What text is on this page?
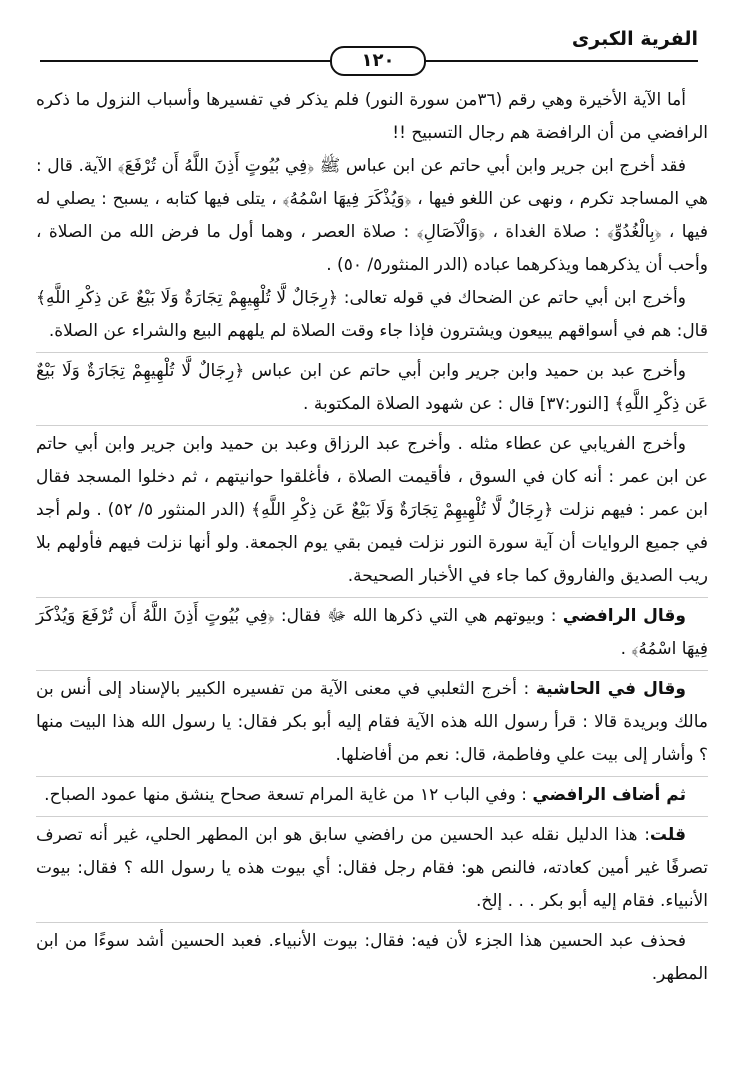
الفرية الكبرى
١٢٠

أما الآية الأخيرة وهي رقم (٣٦من سورة النور) فلم يذكر في تفسيرها وأسباب النزول ما ذكره الرافضي من أن الرافضة هم رجال التسبيح !!

فقد أخرج ابن جرير وابن أبي حاتم عن ابن عباس ﷺ ﴿فِي بُيُوتٍ أَذِنَ اللَّهُ أَن تُرْفَعَ﴾ الآية. قال : هي المساجد تكرم ، ونهى عن اللغو فيها ، ﴿وَيُذْكَرَ فِيهَا اسْمُهُ﴾ ، يتلى فيها كتابه ، يسبح : يصلي له فيها ، ﴿بِالْغُدُوِّ﴾ : صلاة الغداة ، ﴿وَالْآصَالِ﴾ : صلاة العصر ، وهما أول ما فرض الله من الصلاة ، وأحب أن يذكرهما ويذكرهما عباده (الدر المنثور٥/ ٥٠) .

وأخرج ابن أبي حاتم عن الضحاك في قوله تعالى: ﴿رِجَالٌ لَّا تُلْهِيهِمْ تِجَارَةٌ وَلَا بَيْعٌ عَن ذِكْرِ اللَّهِ﴾ قال: هم في أسواقهم يبيعون ويشترون فإذا جاء وقت الصلاة لم يلههم البيع والشراء عن الصلاة.

وأخرج عبد بن حميد وابن جرير وابن أبي حاتم عن ابن عباس ﴿رِجَالٌ لَّا تُلْهِيهِمْ تِجَارَةٌ وَلَا بَيْعٌ عَن ذِكْرِ اللَّهِ﴾ [النور:٣٧] قال : عن شهود الصلاة المكتوبة .

وأخرج الفريابي عن عطاء مثله . وأخرج عبد الرزاق وعبد بن حميد وابن جرير وابن أبي حاتم عن ابن عمر : أنه كان في السوق ، فأقيمت الصلاة ، فأغلقوا حوانيتهم ، ثم دخلوا المسجد فقال ابن عمر : فيهم نزلت ﴿رِجَالٌ لَّا تُلْهِيهِمْ تِجَارَةٌ وَلَا بَيْعٌ عَن ذِكْرِ اللَّهِ﴾ (الدر المنثور ٥/ ٥٢) . ولم أجد في جميع الروايات أن آية سورة النور نزلت فيمن بقي يوم الجمعة. ولو أنها نزلت فيهم فأولهم بلا ريب الصديق والفاروق كما جاء في الأخبار الصحيحة.

وقال الرافضي : وبيوتهم هي التي ذكرها الله ﷻ فقال: ﴿فِي بُيُوتٍ أَذِنَ اللَّهُ أَن تُرْفَعَ وَيُذْكَرَ فِيهَا اسْمُهُ﴾ .

وقال في الحاشية : أخرج الثعلبي في معنى الآية من تفسيره الكبير بالإسناد إلى أنس بن مالك وبريدة قالا : قرأ رسول الله هذه الآية فقام إليه أبو بكر فقال: يا رسول الله هذا البيت منها ؟ وأشار إلى بيت علي وفاطمة، قال: نعم من أفاضلها.

ثم أضاف الرافضي : وفي الباب ١٢ من غاية المرام تسعة صحاح ينشق منها عمود الصباح.

قلت: هذا الدليل نقله عبد الحسين من رافضي سابق هو ابن المطهر الحلي، غير أنه تصرف تصرفًا غير أمين كعادته، فالنص هو: فقام رجل فقال: أي بيوت هذه يا رسول الله ؟ فقال: بيوت الأنبياء. فقام إليه أبو بكر . . . إلخ.

فحذف عبد الحسين هذا الجزء لأن فيه: فقال: بيوت الأنبياء. فعبد الحسين أشد سوءًا من ابن المطهر.
